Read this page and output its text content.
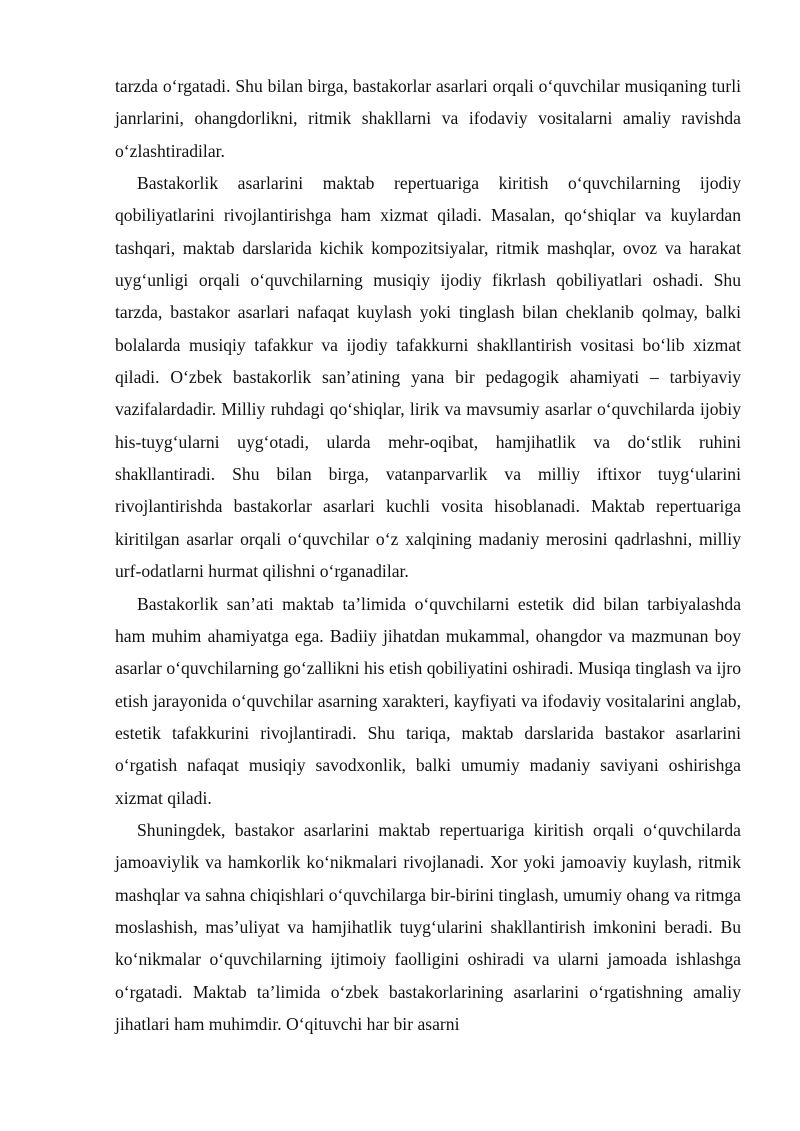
tarzda o‘rgatadi. Shu bilan birga, bastakorlar asarlari orqali o‘quvchilar musiqaning turli janrlarini, ohangdorlikni, ritmik shakllarni va ifodaviy vositalarni amaliy ravishda o‘zlashtiradilar.

Bastakorlik asarlarini maktab repertuariga kiritish o‘quvchilarning ijodiy qobiliyatlarini rivojlantirishga ham xizmat qiladi. Masalan, qo‘shiqlar va kuylardan tashqari, maktab darslarida kichik kompozitsiyalar, ritmik mashqlar, ovoz va harakat uyg‘unligi orqali o‘quvchilarning musiqiy ijodiy fikrlash qobiliyatlari oshadi. Shu tarzda, bastakor asarlari nafaqat kuylash yoki tinglash bilan cheklanib qolmay, balki bolalarda musiqiy tafakkur va ijodiy tafakkurni shakllantirish vositasi bo‘lib xizmat qiladi. O‘zbek bastakorlik san’atining yana bir pedagogik ahamiyati – tarbiyaviy vazifalardadir. Milliy ruhdagi qo‘shiqlar, lirik va mavsumiy asarlar o‘quvchilarda ijobiy his-tuyg‘ularni uyg‘otadi, ularda mehr-oqibat, hamjihatlik va do‘stlik ruhini shakllantiradi. Shu bilan birga, vatanparvarlik va milliy iftixor tuyg‘ularini rivojlantirishda bastakorlar asarlari kuchli vosita hisoblanadi. Maktab repertuariga kiritilgan asarlar orqali o‘quvchilar o‘z xalqining madaniy merosini qadrlashni, milliy urf-odatlarni hurmat qilishni o‘rganadilar.

Bastakorlik san’ati maktab ta’limida o‘quvchilarni estetik did bilan tarbiyalashda ham muhim ahamiyatga ega. Badiiy jihatdan mukammal, ohangdor va mazmunan boy asarlar o‘quvchilarning go‘zallikni his etish qobiliyatini oshiradi. Musiqa tinglash va ijro etish jarayonida o‘quvchilar asarning xarakteri, kayfiyati va ifodaviy vositalarini anglab, estetik tafakkurini rivojlantiradi. Shu tariqa, maktab darslarida bastakor asarlarini o‘rgatish nafaqat musiqiy savodxonlik, balki umumiy madaniy saviyani oshirishga xizmat qiladi.

Shuningdek, bastakor asarlarini maktab repertuariga kiritish orqali o‘quvchilarda jamoaviylik va hamkorlik ko‘nikmalari rivojlanadi. Xor yoki jamoaviy kuylash, ritmik mashqlar va sahna chiqishlari o‘quvchilarga bir-birini tinglash, umumiy ohang va ritmga moslashish, mas’uliyat va hamjihatlik tuyg‘ularini shakllantirish imkonini beradi. Bu ko‘nikmalar o‘quvchilarning ijtimoiy faolligini oshiradi va ularni jamoada ishlashga o‘rgatadi. Maktab ta’limida o‘zbek bastakorlarining asarlarini o‘rgatishning amaliy jihatlari ham muhimdir. O‘qituvchi har bir asarni
